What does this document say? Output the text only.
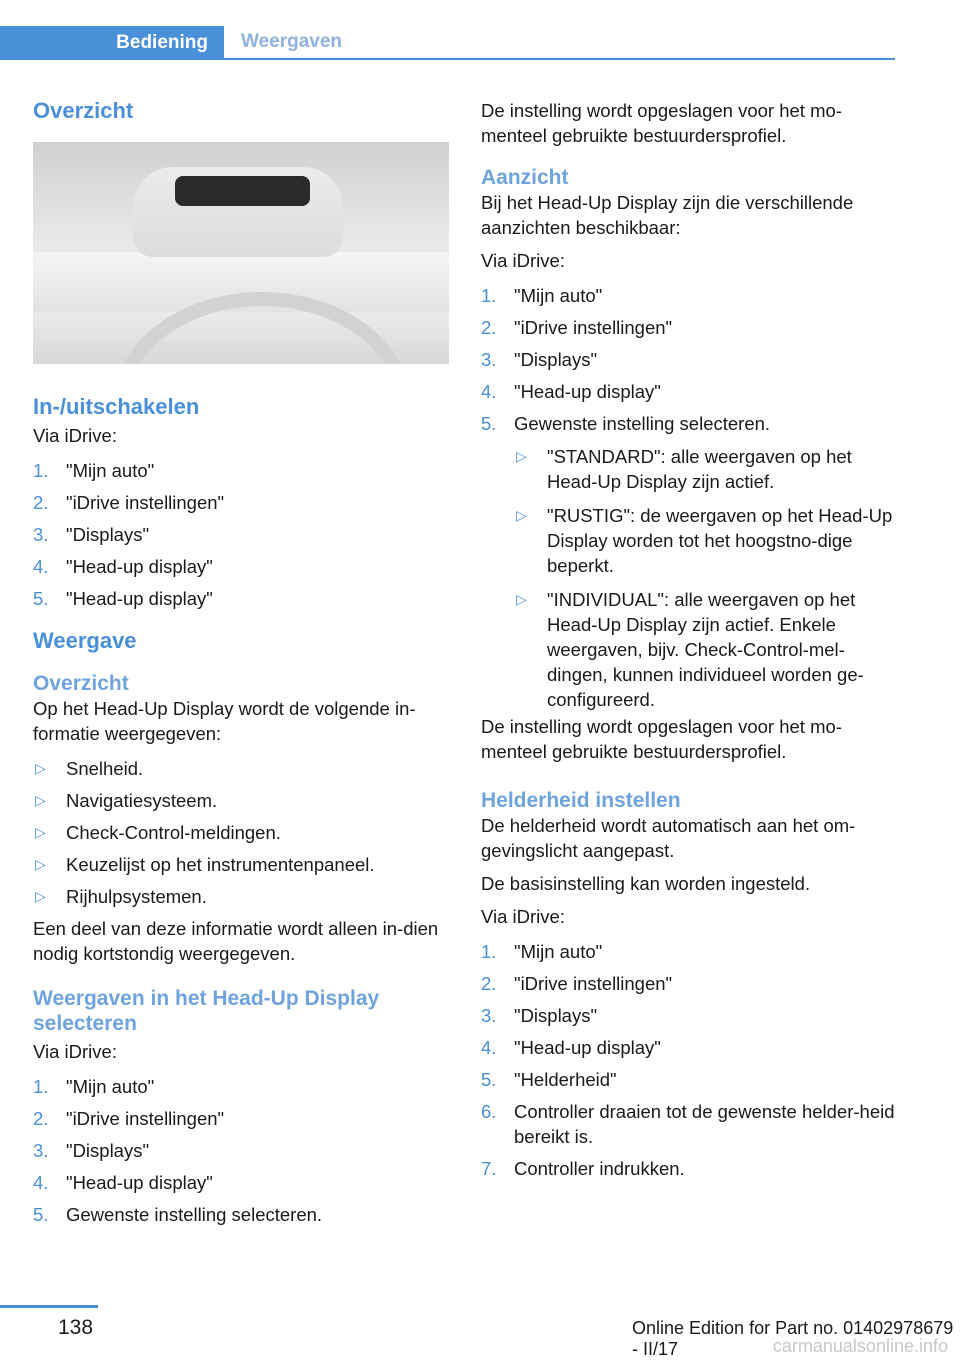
Bediening Weergaven
Overzicht
In-/uitschakelen

Via iDrive:

1. "Mijn auto"
2. "iDrive instellingen"
3. "Displays"
4. "Head-up display"
5. "Head-up display"
Weergave
Overzicht

Op het Head-Up Display wordt de volgende in-formatie weergegeven:

▷ Snelheid.
▷ Navigatiesysteem.
▷ Check-Control-meldingen.
▷ Keuzelijst op het instrumentenpaneel.
▷ Rijhulpsystemen.

Een deel van deze informatie wordt alleen in-dien nodig kortstondig weergegeven.

Weergaven in het Head-Up Display selecteren

Via iDrive:

1. "Mijn auto"
2. "iDrive instellingen"
3. "Displays"
4. "Head-up display"
5. Gewenste instelling selecteren.

De instelling wordt opgeslagen voor het mo-menteel gebruikte bestuurdersprofiel.

Aanzicht

Bij het Head-Up Display zijn die verschillende aanzichten beschikbaar:

Via iDrive:

1. "Mijn auto"
2. "iDrive instellingen"
3. "Displays"
4. "Head-up display"
5. Gewenste instelling selecteren.
▷ "STANDARD": alle weergaven op het Head-Up Display zijn actief.
▷ "RUSTIG": de weergaven op het Head-Up Display worden tot het hoogstno-dige beperkt.
▷ "INDIVIDUAL": alle weergaven op het Head-Up Display zijn actief. Enkele weergaven, bijv. Check-Control-mel-dingen, kunnen individueel worden ge-configureerd.

De instelling wordt opgeslagen voor het mo-menteel gebruikte bestuurdersprofiel.

Helderheid instellen

De helderheid wordt automatisch aan het om-gevingslicht aangepast.

De basisinstelling kan worden ingesteld.

Via iDrive:

1. "Mijn auto"
2. "iDrive instellingen"
3. "Displays"
4. "Head-up display"
5. "Helderheid"
6. Controller draaien tot de gewenste helder-heid bereikt is.
7. Controller indrukken.
138	Online Edition for Part no. 01402978679 - II/17	carmanualsonline.info
